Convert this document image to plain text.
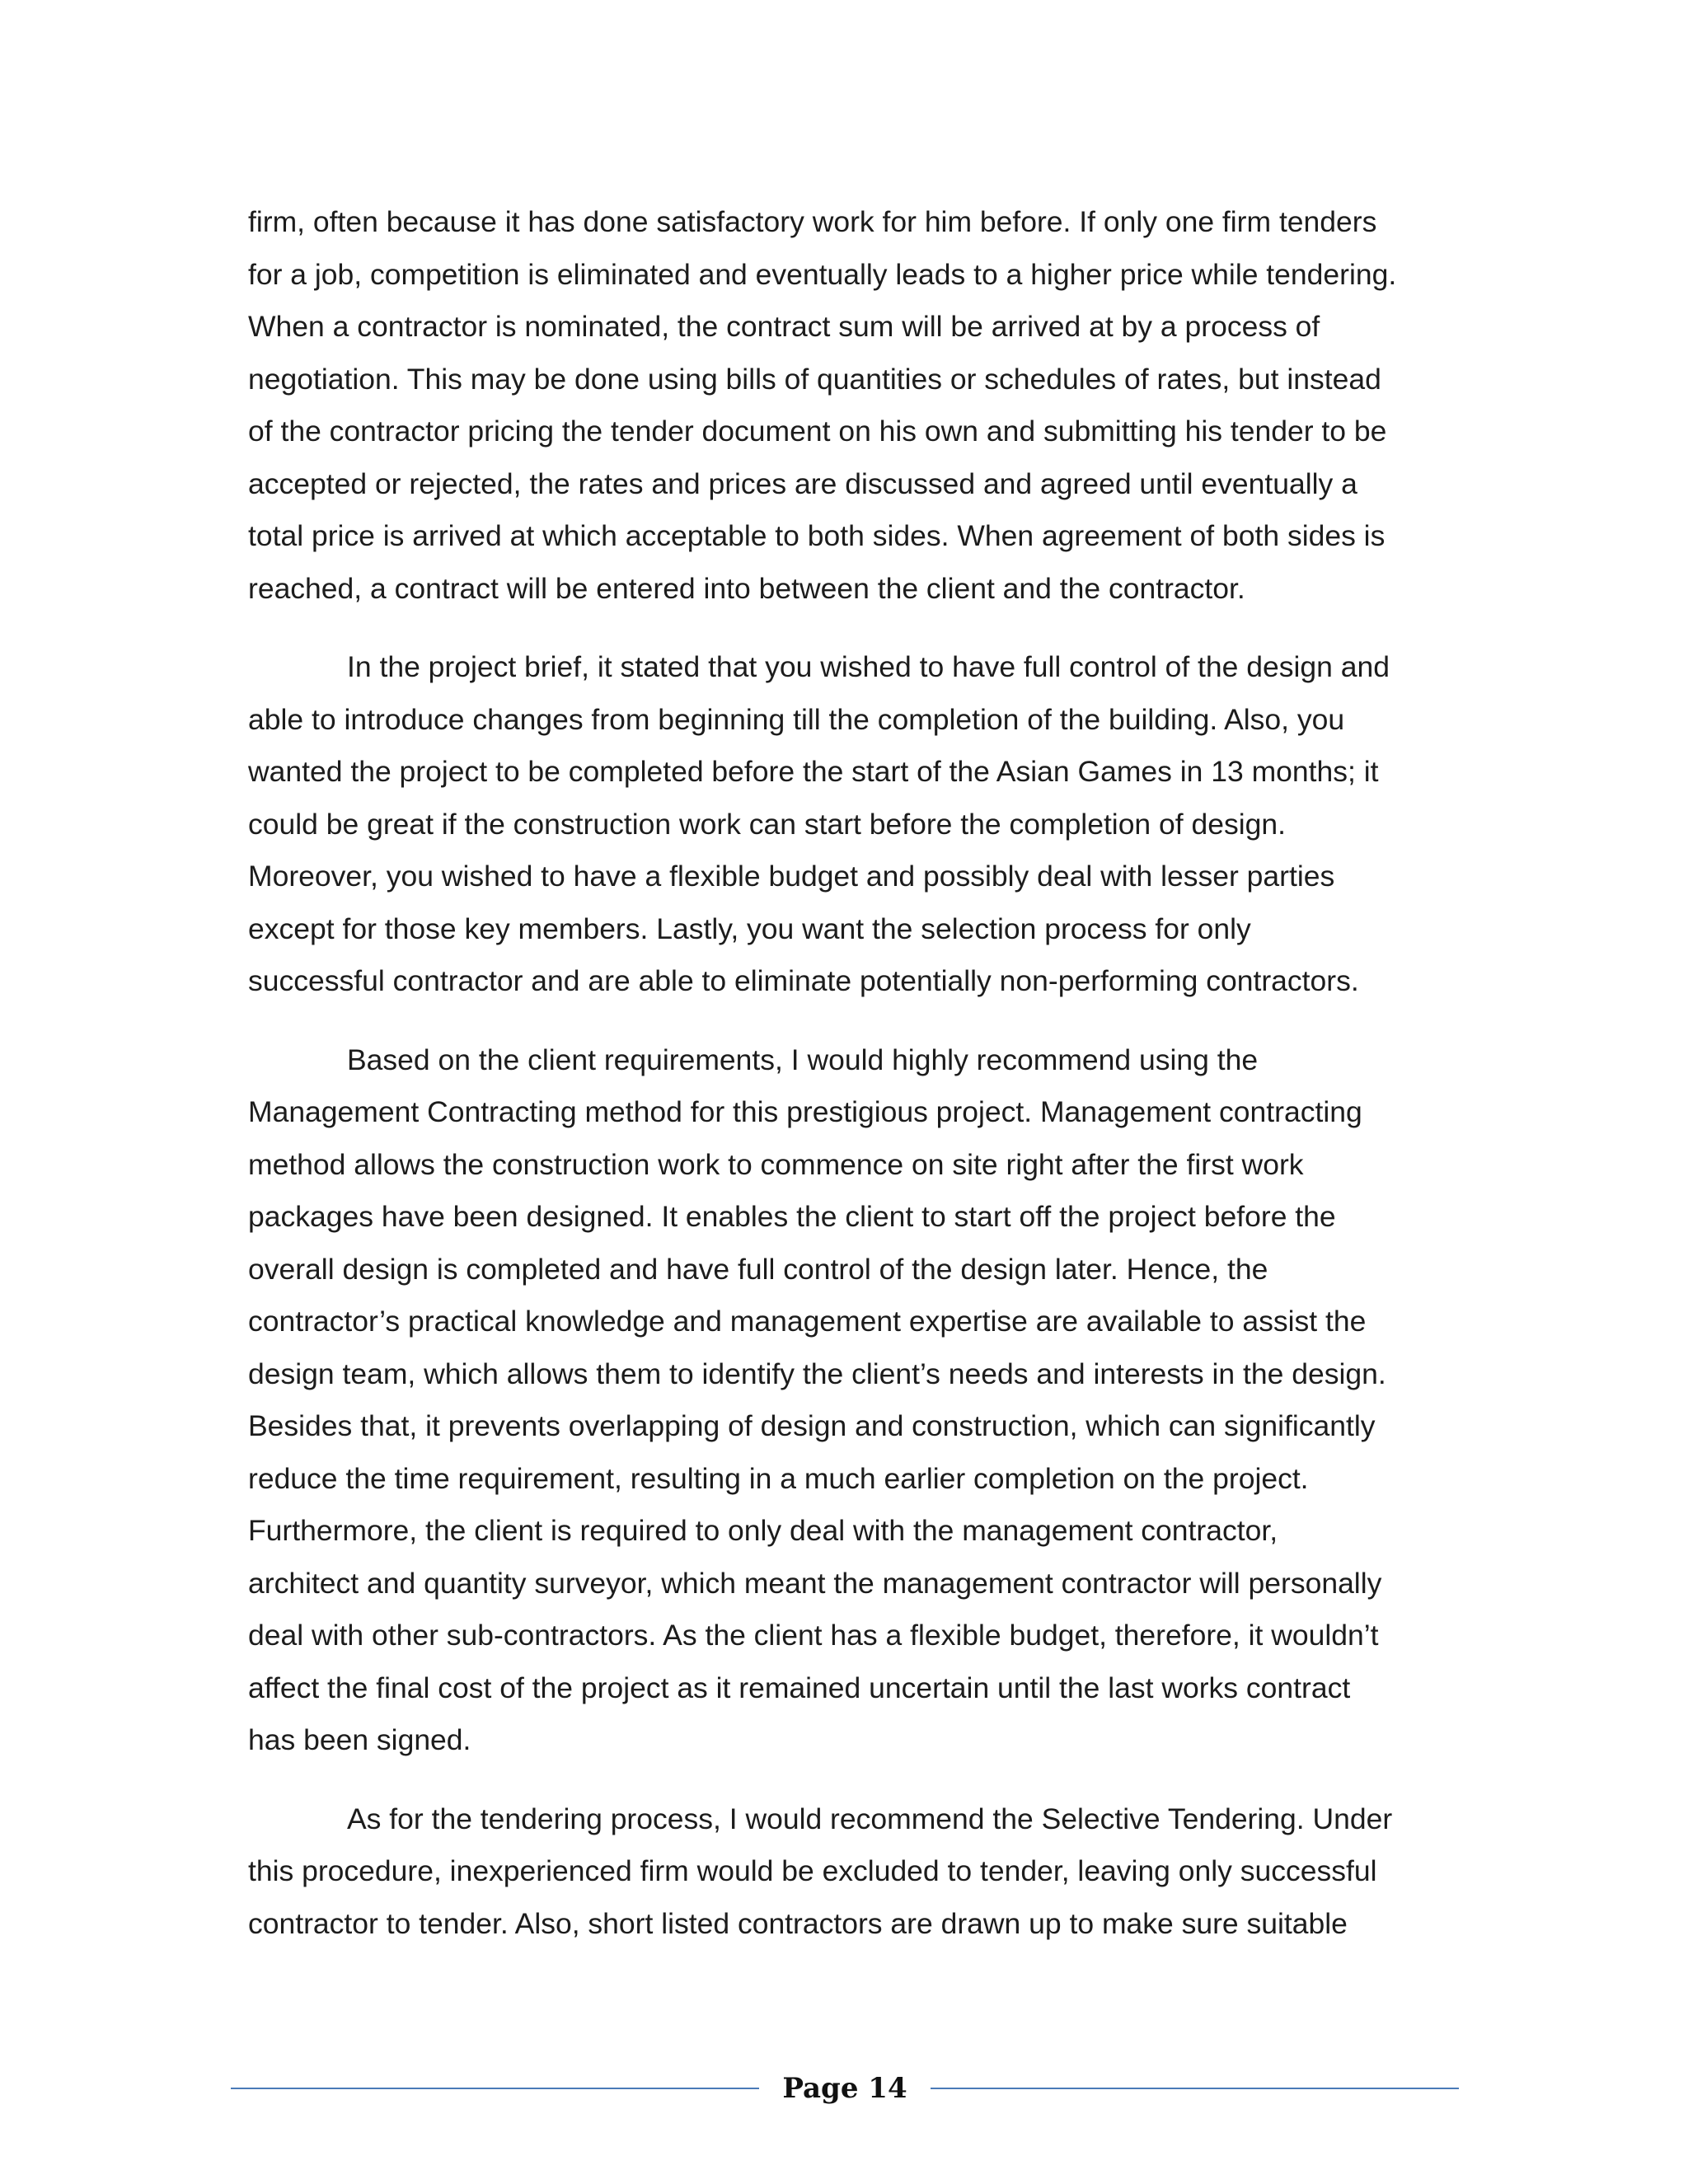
firm, often because it has done satisfactory work for him before. If only one firm tenders
for a job, competition is eliminated and eventually leads to a higher price while tendering.
When a contractor is nominated, the contract sum will be arrived at by a process of
negotiation. This may be done using bills of quantities or schedules of rates, but instead
of the contractor pricing the tender document on his own and submitting his tender to be
accepted or rejected, the rates and prices are discussed and agreed until eventually a
total price is arrived at which acceptable to both sides. When agreement of both sides is
reached, a contract will be entered into between the client and the contractor.
In the project brief, it stated that you wished to have full control of the design and
able to introduce changes from beginning till the completion of the building. Also, you
wanted the project to be completed before the start of the Asian Games in 13 months; it
could be great if the construction work can start before the completion of design.
Moreover, you wished to have a flexible budget and possibly deal with lesser parties
except for those key members. Lastly, you want the selection process for only
successful contractor and are able to eliminate potentially non-performing contractors.
Based on the client requirements, I would highly recommend using the
Management Contracting method for this prestigious project. Management contracting
method allows the construction work to commence on site right after the first work
packages have been designed. It enables the client to start off the project before the
overall design is completed and have full control of the design later. Hence, the
contractor’s practical knowledge and management expertise are available to assist the
design team, which allows them to identify the client’s needs and interests in the design.
Besides that, it prevents overlapping of design and construction, which can significantly
reduce the time requirement, resulting in a much earlier completion on the project.
Furthermore, the client is required to only deal with the management contractor,
architect and quantity surveyor, which meant the management contractor will personally
deal with other sub-contractors. As the client has a flexible budget, therefore, it wouldn’t
affect the final cost of the project as it remained uncertain until the last works contract
has been signed.
As for the tendering process, I would recommend the Selective Tendering. Under
this procedure, inexperienced firm would be excluded to tender, leaving only successful
contractor to tender. Also, short listed contractors are drawn up to make sure suitable
Page 14
